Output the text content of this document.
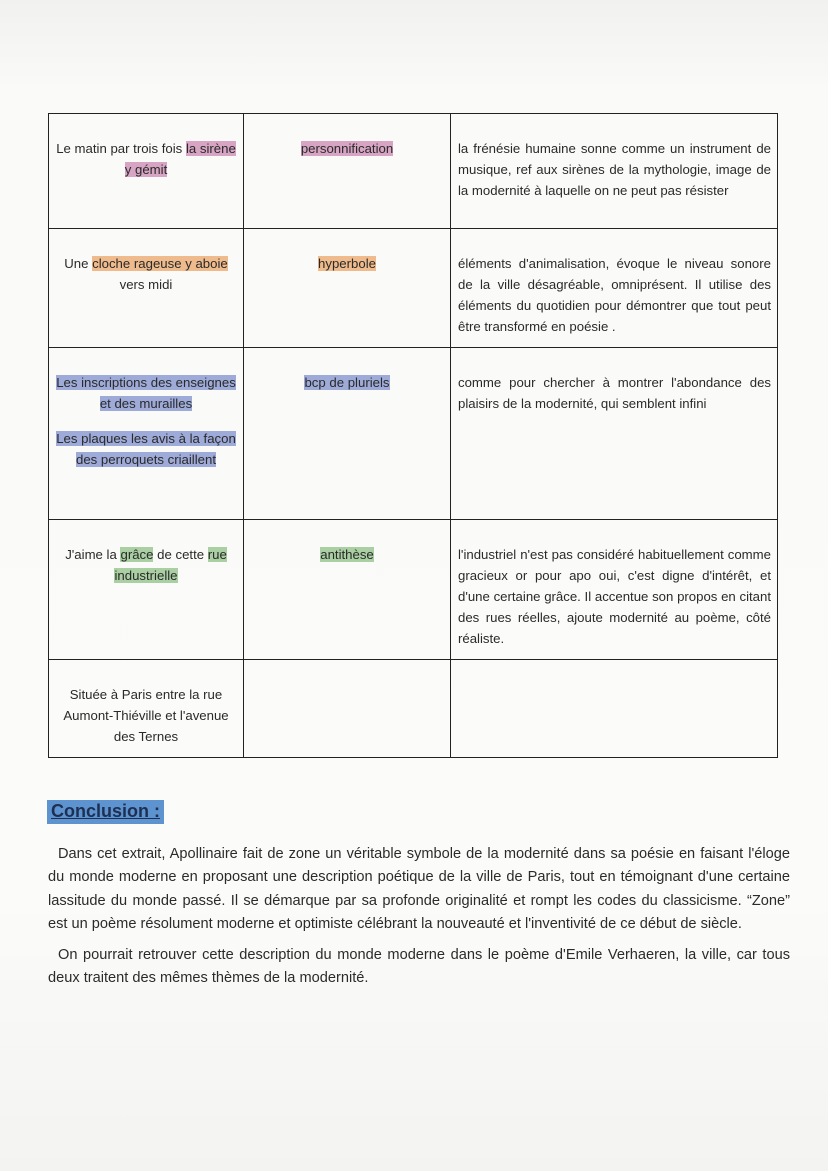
Le matin par trois fois la sirène y gémit	personnification	la frénésie humaine sonne comme un instrument de musique, ref aux sirènes de la mythologie, image de la modernité à laquelle on ne peut pas résister

Une cloche rageuse y aboie vers midi	hyperbole	éléments d'animalisation, évoque le niveau sonore de la ville désagréable, omniprésent. Il utilise des éléments du quotidien pour démontrer que tout peut être transformé en poésie .

Les inscriptions des enseignes et des murailles
Les plaques les avis à la façon des perroquets criaillent	bcp de pluriels	comme pour chercher à montrer l'abondance des plaisirs de la modernité, qui semblent infini

J'aime la grâce de cette rue industrielle	antithèse	l'industriel n'est pas considéré habituellement comme gracieux or pour apo oui, c'est digne d'intérêt, et d'une certaine grâce. Il accentue son propos en citant des rues réelles, ajoute modernité au poème, côté réaliste.

Située à Paris entre la rue Aumont-Thiéville et l'avenue des Ternes		

Conclusion :
Dans cet extrait, Apollinaire fait de zone un véritable symbole de la modernité dans sa poésie en faisant l'éloge du monde moderne en proposant une description poétique de la ville de Paris, tout en témoignant d'une certaine lassitude du monde passé. Il se démarque par sa profonde originalité et rompt les codes du classicisme. “Zone” est un poème résolument moderne et optimiste célébrant la nouveauté et l'inventivité de ce début de siècle.
On pourrait retrouver cette description du monde moderne dans le poème d'Emile Verhaeren, la ville, car tous deux traitent des mêmes thèmes de la modernité.
